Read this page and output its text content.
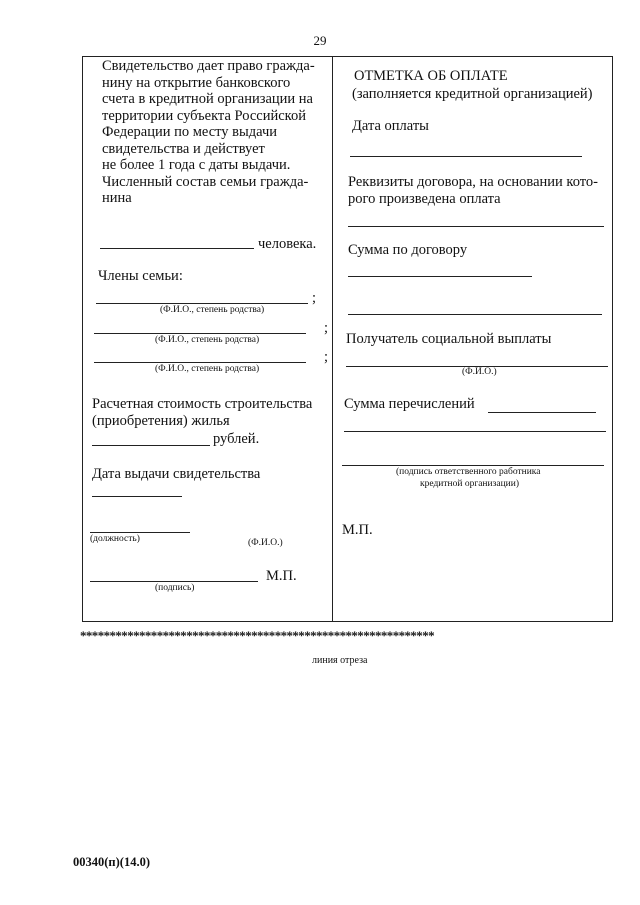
29
Свидетельство дает право гражда-
нину на открытие банковского
счета в кредитной организации на
территории субъекта Российской
Федерации по месту выдачи
свидетельства и действует
не более 1 года с даты выдачи.
Численный состав семьи гражда-
нина
человека.
Члены семьи:
;
(Ф.И.О., степень родства)
;
(Ф.И.О., степень родства)
;
(Ф.И.О., степень родства)
Расчетная стоимость строительства
(приобретения) жилья
рублей.
Дата выдачи свидетельства
(должность)	(Ф.И.О.)
М.П.
(подпись)
ОТМЕТКА ОБ ОПЛАТЕ
(заполняется кредитной организацией)
Дата оплаты
Реквизиты договора, на основании кото-
рого произведена оплата
Сумма по договору
Получатель социальной выплаты
(Ф.И.О.)
Сумма перечислений
(подпись ответственного работника
кредитной организации)
М.П.
************************************************************
линия отреза
00340(п)(14.0)
